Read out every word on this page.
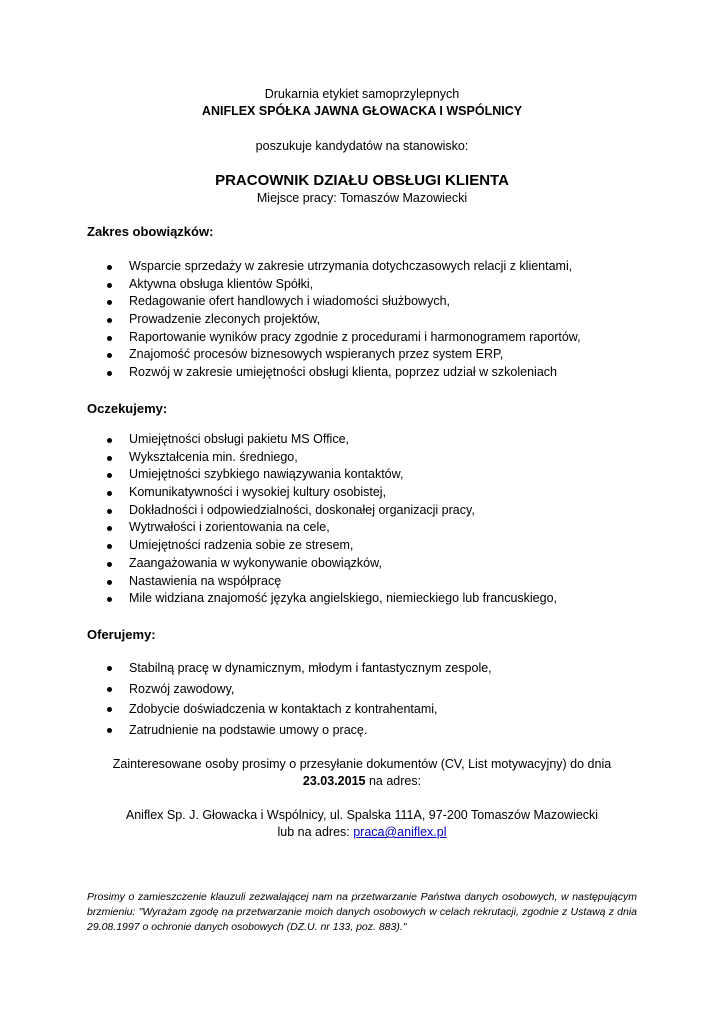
Drukarnia etykiet samoprzylepnych
ANIFLEX SPÓŁKA JAWNA GŁOWACKA I WSPÓLNICY
poszukuje kandydatów na stanowisko:
PRACOWNIK DZIAŁU OBSŁUGI KLIENTA
Miejsce pracy: Tomaszów Mazowiecki
Zakres obowiązków:
Wsparcie sprzedaży w zakresie utrzymania dotychczasowych relacji z klientami,
Aktywna obsługa klientów Spółki,
Redagowanie ofert handlowych i wiadomości służbowych,
Prowadzenie zleconych projektów,
Raportowanie wyników pracy zgodnie z procedurami i harmonogramem raportów,
Znajomość procesów biznesowych wspieranych przez system ERP,
Rozwój w zakresie umiejętności obsługi klienta, poprzez udział w szkoleniach
Oczekujemy:
Umiejętności obsługi pakietu MS Office,
Wykształcenia min. średniego,
Umiejętności szybkiego nawiązywania kontaktów,
Komunikatywności i wysokiej kultury osobistej,
Dokładności i odpowiedzialności, doskonałej organizacji pracy,
Wytrwałości i zorientowania na cele,
Umiejętności radzenia sobie ze stresem,
Zaangażowania w wykonywanie obowiązków,
Nastawienia na współpracę
Mile widziana znajomość języka angielskiego, niemieckiego lub francuskiego,
Oferujemy:
Stabilną pracę w dynamicznym, młodym i fantastycznym zespole,
Rozwój zawodowy,
Zdobycie doświadczenia w kontaktach z kontrahentami,
Zatrudnienie na podstawie umowy o pracę.
Zainteresowane osoby prosimy o przesyłanie dokumentów (CV, List motywacyjny) do dnia
23.03.2015 na adres:
Aniflex Sp. J. Głowacka i Wspólnicy, ul. Spalska 111A, 97-200 Tomaszów Mazowiecki
lub na adres: praca@aniflex.pl
Prosimy o zamieszczenie klauzuli zezwalającej nam na przetwarzanie Państwa danych osobowych, w następującym brzmieniu: "Wyrażam zgodę na przetwarzanie moich danych osobowych w celach rekrutacji, zgodnie z Ustawą z dnia 29.08.1997 o ochronie danych osobowych (DZ.U. nr 133, poz. 883)."
